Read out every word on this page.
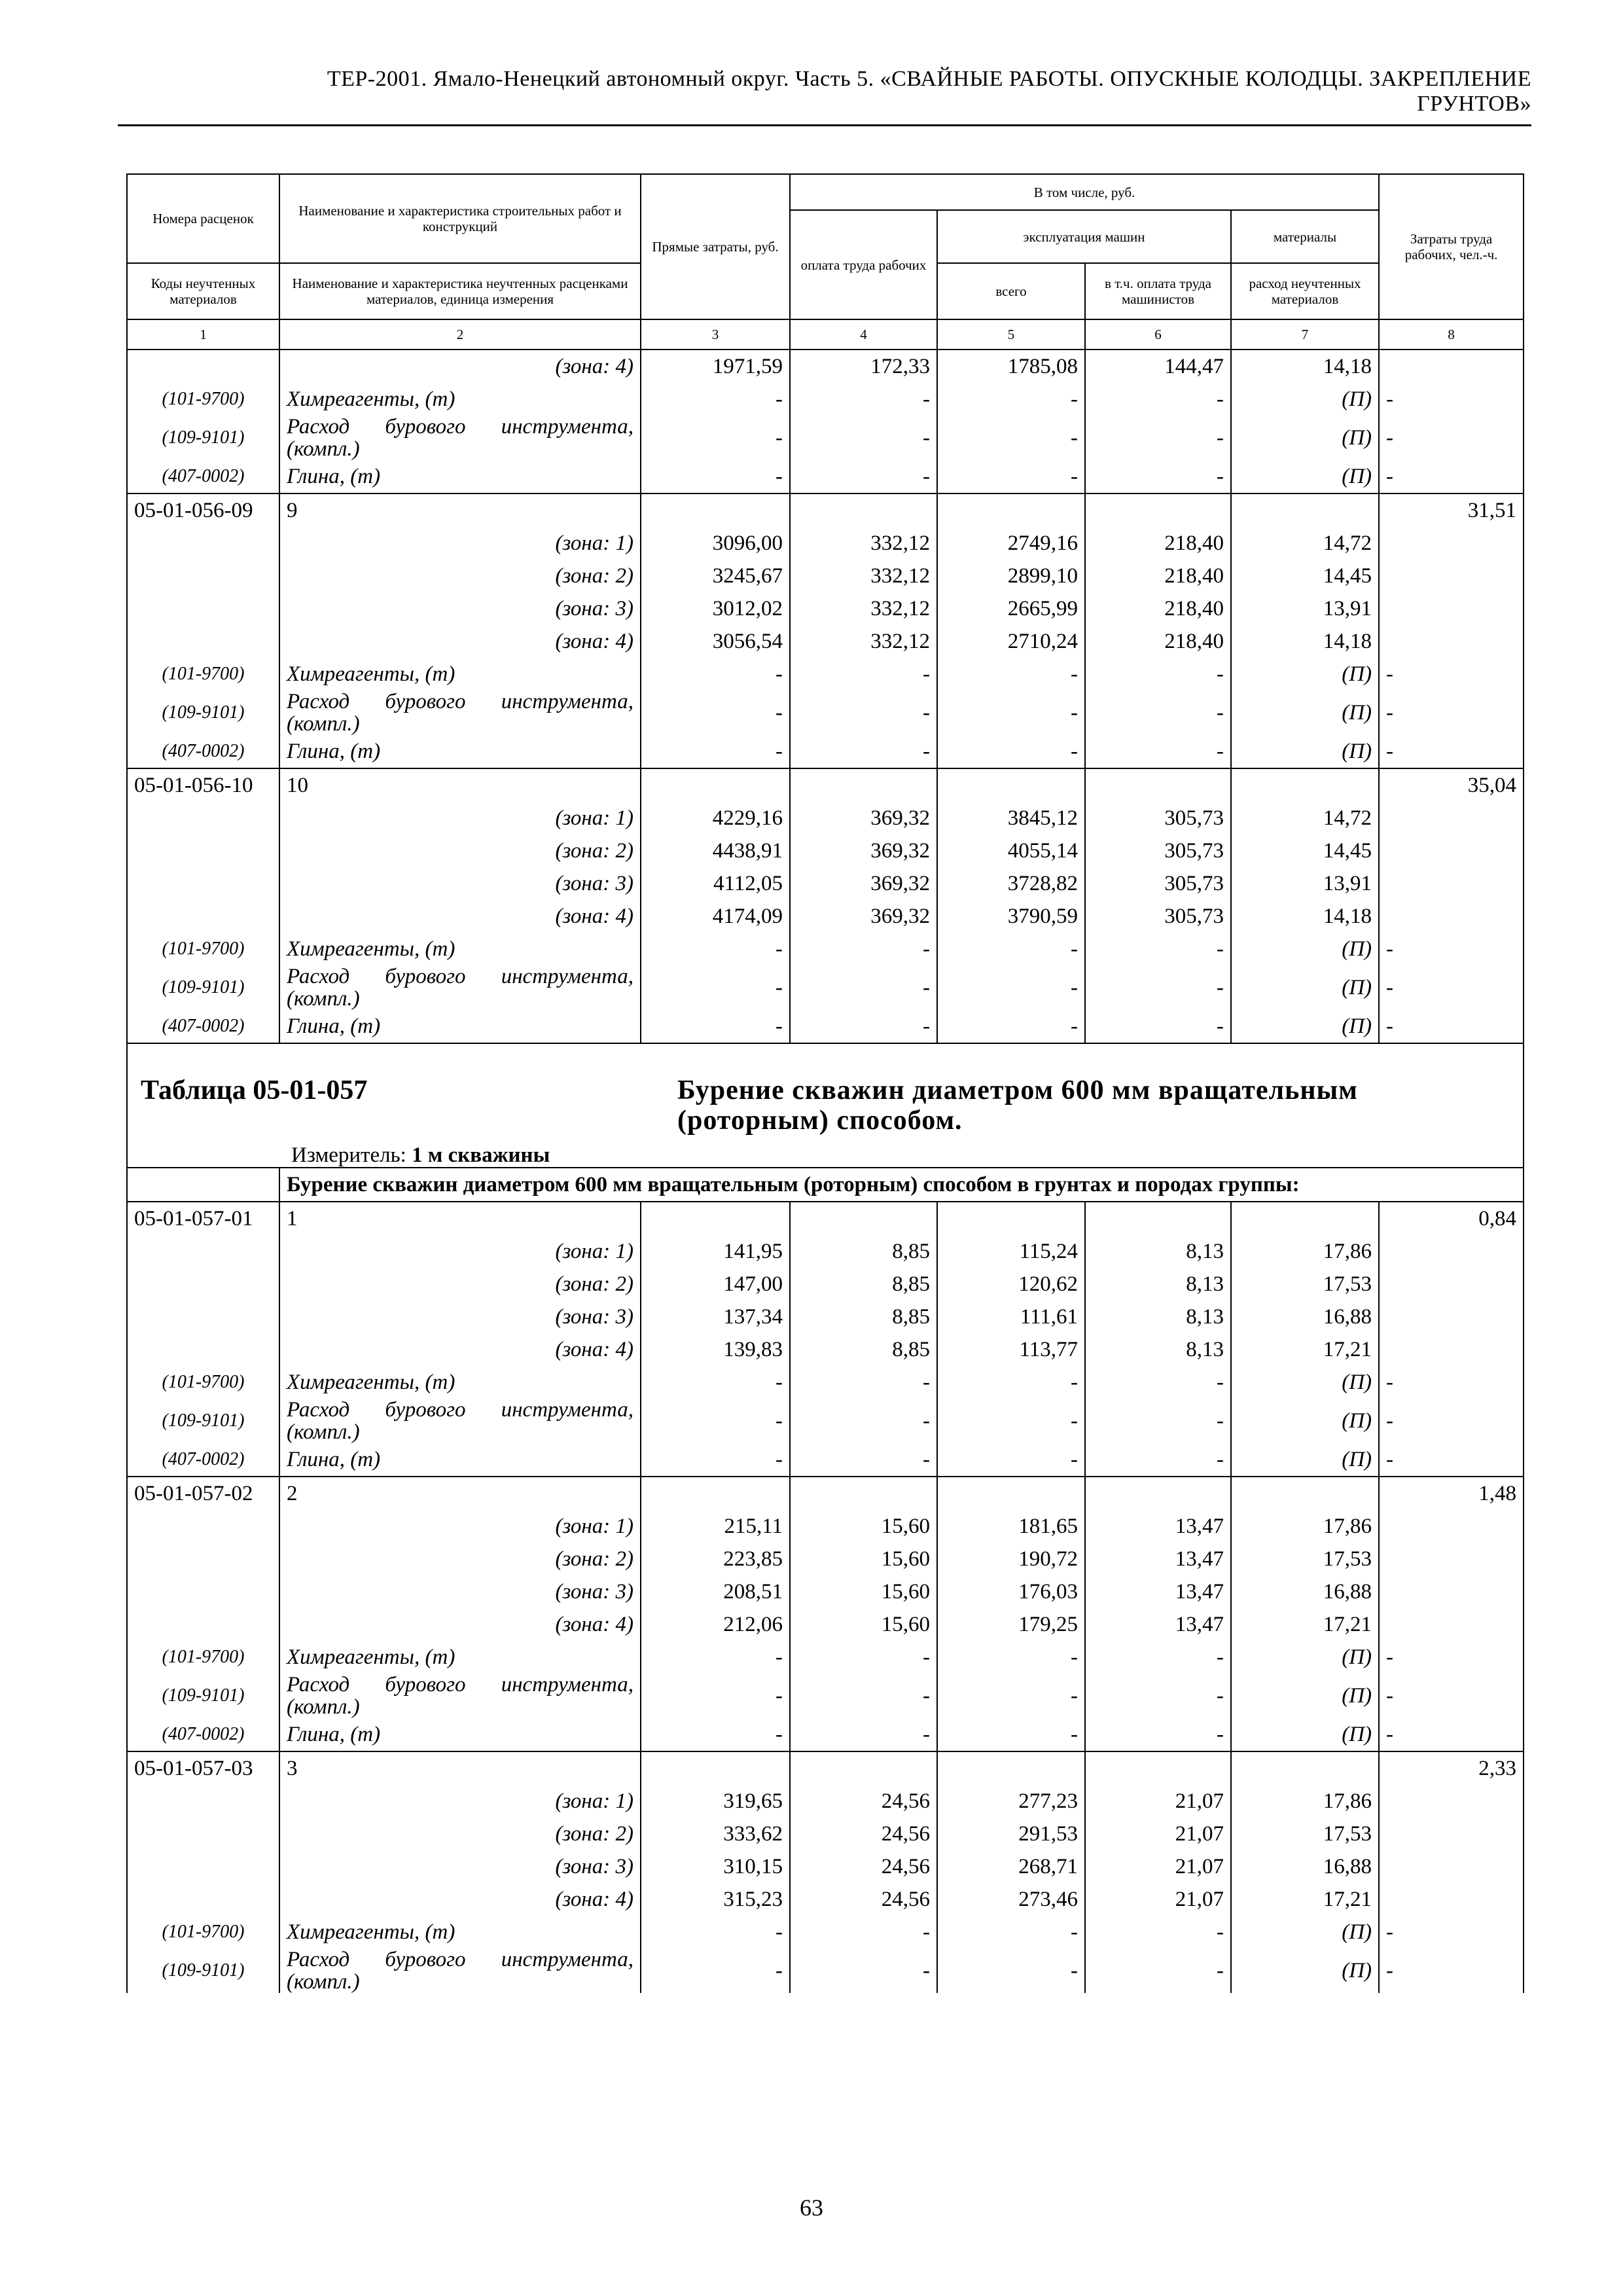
ТЕР-2001. Ямало-Ненецкий автономный округ. Часть 5. «СВАЙНЫЕ РАБОТЫ. ОПУСКНЫЕ КОЛОДЦЫ. ЗАКРЕПЛЕНИЕ
ГРУНТОВ»
Номера расценок	Наименование и характеристика строительных работ и конструкций	Прямые затраты, руб.	В том числе, руб.				Затраты труда рабочих, чел.-ч.
			оплата труда рабочих	эксплуатация машин		материалы	
Коды неучтенных материалов	Наименование и характеристика неучтенных расценками материалов, единица измерения			всего	в т.ч. оплата труда машинистов	расход неучтенных материалов	
1	2	3	4	5	6	7	8
	(зона: 4)	1971,59	172,33	1785,08	144,47	14,18	
(101-9700)	Химреагенты, (т)	-	-	-	-	(П)	-
(109-9101)	Расход бурового инструмента,
(компл.)	-	-	-	-	(П)	-
(407-0002)	Глина, (т)	-	-	-	-	(П)	-
05-01-056-09	9						31,51
	(зона: 1)	3096,00	332,12	2749,16	218,40	14,72	
	(зона: 2)	3245,67	332,12	2899,10	218,40	14,45	
	(зона: 3)	3012,02	332,12	2665,99	218,40	13,91	
	(зона: 4)	3056,54	332,12	2710,24	218,40	14,18	
(101-9700)	Химреагенты, (т)	-	-	-	-	(П)	-
(109-9101)	Расход бурового инструмента,
(компл.)	-	-	-	-	(П)	-
(407-0002)	Глина, (т)	-	-	-	-	(П)	-
05-01-056-10	10						35,04
	(зона: 1)	4229,16	369,32	3845,12	305,73	14,72	
	(зона: 2)	4438,91	369,32	4055,14	305,73	14,45	
	(зона: 3)	4112,05	369,32	3728,82	305,73	13,91	
	(зона: 4)	4174,09	369,32	3790,59	305,73	14,18	
(101-9700)	Химреагенты, (т)	-	-	-	-	(П)	-
(109-9101)	Расход бурового инструмента,
(компл.)	-	-	-	-	(П)	-
(407-0002)	Глина, (т)	-	-	-	-	(П)	-

Таблица 05-01-057 Бурение скважин диаметром 600 мм вращательным (роторным) способом.
Измеритель: 1 м скважины							

	Бурение скважин диаметром 600 мм вращательным (роторным) способом в грунтах и породах группы:						
05-01-057-01	1						0,84
	(зона: 1)	141,95	8,85	115,24	8,13	17,86	
	(зона: 2)	147,00	8,85	120,62	8,13	17,53	
	(зона: 3)	137,34	8,85	111,61	8,13	16,88	
	(зона: 4)	139,83	8,85	113,77	8,13	17,21	
(101-9700)	Химреагенты, (т)	-	-	-	-	(П)	-
(109-9101)	Расход бурового инструмента,
(компл.)	-	-	-	-	(П)	-
(407-0002)	Глина, (т)	-	-	-	-	(П)	-
05-01-057-02	2						1,48
	(зона: 1)	215,11	15,60	181,65	13,47	17,86	
	(зона: 2)	223,85	15,60	190,72	13,47	17,53	
	(зона: 3)	208,51	15,60	176,03	13,47	16,88	
	(зона: 4)	212,06	15,60	179,25	13,47	17,21	
(101-9700)	Химреагенты, (т)	-	-	-	-	(П)	-
(109-9101)	Расход бурового инструмента,
(компл.)	-	-	-	-	(П)	-
(407-0002)	Глина, (т)	-	-	-	-	(П)	-
05-01-057-03	3						2,33
	(зона: 1)	319,65	24,56	277,23	21,07	17,86	
	(зона: 2)	333,62	24,56	291,53	21,07	17,53	
	(зона: 3)	310,15	24,56	268,71	21,07	16,88	
	(зона: 4)	315,23	24,56	273,46	21,07	17,21	
(101-9700)	Химреагенты, (т)	-	-	-	-	(П)	-
(109-9101)	Расход бурового инструмента,
(компл.)	-	-	-	-	(П)	-
63
